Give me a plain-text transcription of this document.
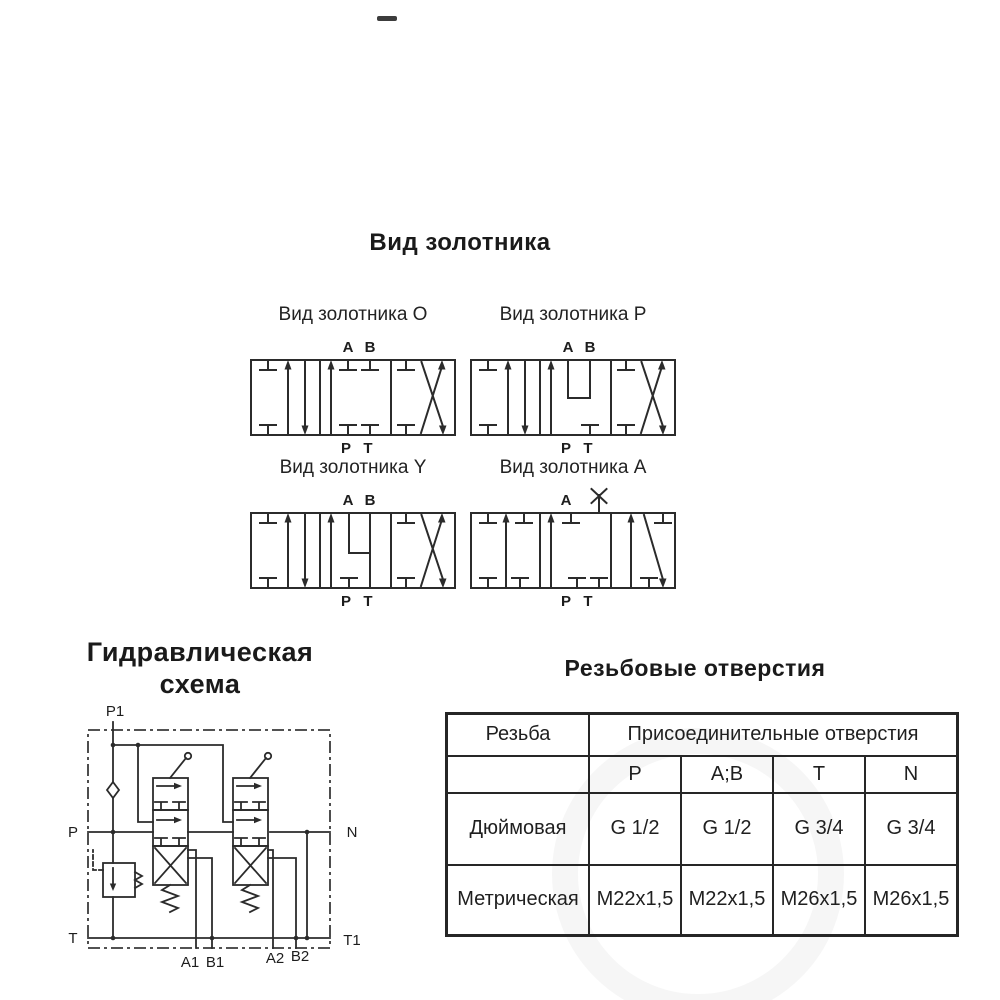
Вид золотника
Вид золотника O
A B
P T
Вид золотника P
A B
P T
Вид золотника Y
A B
P T
Вид золотника A
A
P T
Гидравлическая
схема
P1
P	N
T	T1
A1 B1	A2 B2
Резьбовые отверстия
Резьба	Присоединительные отверстия			
	P	A;B	T	N
Дюймовая	G 1/2	G 1/2	G 3/4	G 3/4
Метрическая	M22x1,5	M22x1,5	M26x1,5	M26x1,5
